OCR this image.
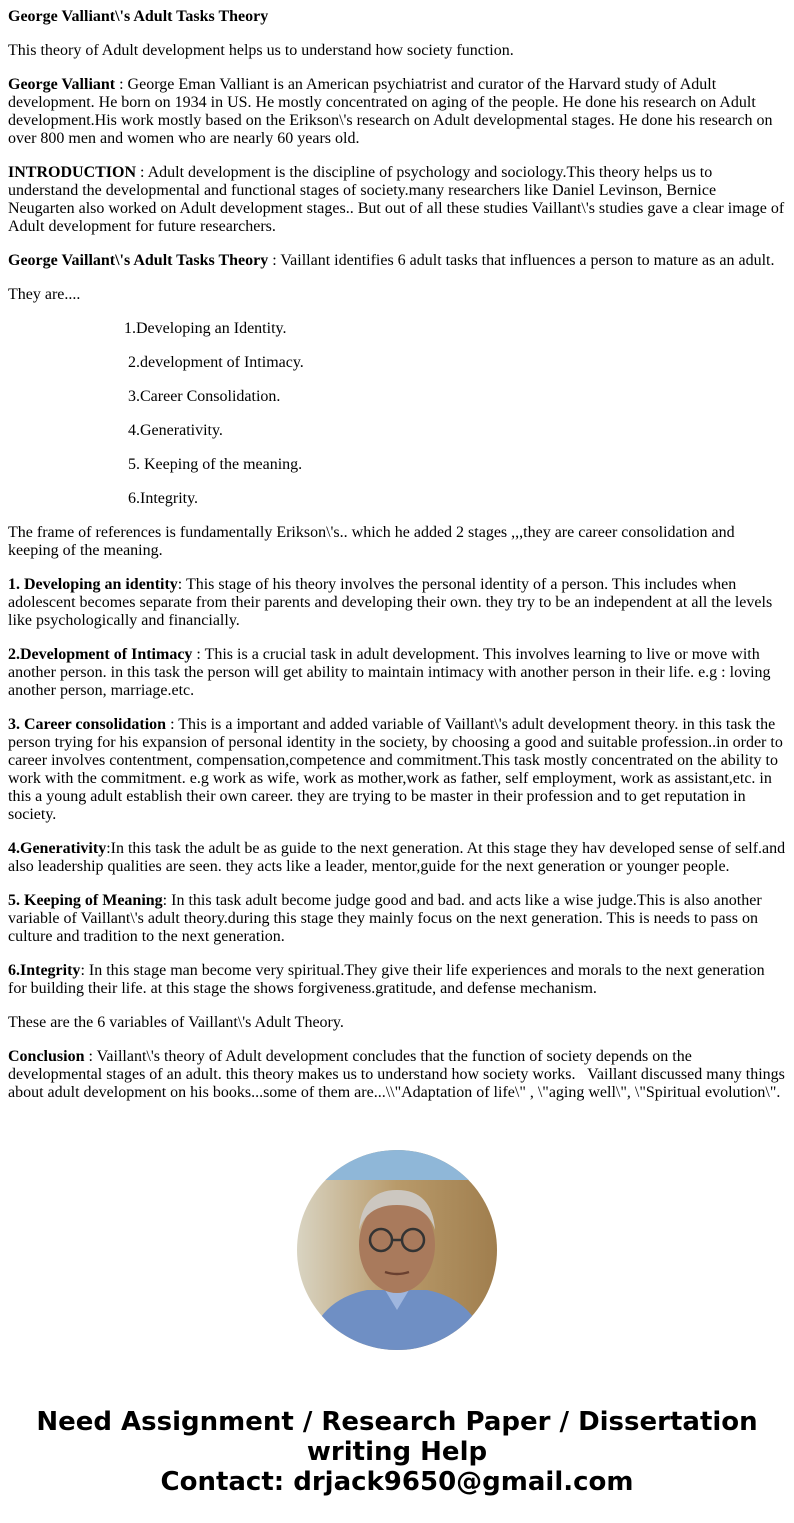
George Valliant\'s Adult Tasks Theory

This theory of Adult development helps us to understand how society function.

George Valliant : George Eman Valliant is an American psychiatrist and curator of the Harvard study of Adult development. He born on 1934 in US. He mostly concentrated on aging of the people. He done his research on Adult development.His work mostly based on the Erikson\'s research on Adult developmental stages. He done his research on over 800 men and women who are nearly 60 years old.

INTRODUCTION : Adult development is the discipline of psychology and sociology.This theory helps us to understand the developmental and functional stages of society.many researchers like Daniel Levinson, Bernice Neugarten also worked on Adult development stages.. But out of all these studies Vaillant\'s studies gave a clear image of Adult development for future researchers.

George Vaillant\'s Adult Tasks Theory : Vaillant identifies 6 adult tasks that influences a person to mature as an adult.

They are....

1.Developing an Identity.

2.development of Intimacy.

3.Career Consolidation.

4.Generativity.

5. Keeping of the meaning.

6.Integrity.

The frame of references is fundamentally Erikson\'s.. which he added 2 stages ,,,they are career consolidation and keeping of the meaning.

1. Developing an identity: This stage of his theory involves the personal identity of a person. This includes when adolescent becomes separate from their parents and developing their own. they try to be an independent at all the levels like psychologically and financially.

2.Development of Intimacy : This is a crucial task in adult development. This involves learning to live or move with another person. in this task the person will get ability to maintain intimacy with another person in their life. e.g : loving another person, marriage.etc.

3. Career consolidation : This is a important and added variable of Vaillant\'s adult development theory. in this task the person trying for his expansion of personal identity in the society, by choosing a good and suitable profession..in order to career involves contentment, compensation,competence and commitment.This task mostly concentrated on the ability to work with the commitment. e.g work as wife, work as mother,work as father, self employment, work as assistant,etc. in this a young adult establish their own career. they are trying to be master in their profession and to get reputation in society.

4.Generativity:In this task the adult be as guide to the next generation. At this stage they hav developed sense of self.and also leadership qualities are seen. they acts like a leader, mentor,guide for the next generation or younger people.

5. Keeping of Meaning: In this task adult become judge good and bad. and acts like a wise judge.This is also another variable of Vaillant\'s adult theory.during this stage they mainly focus on the next generation. This is needs to pass on culture and tradition to the next generation.

6.Integrity: In this stage man become very spiritual.They give their life experiences and morals to the next generation for building their life. at this stage the shows forgiveness.gratitude, and defense mechanism.

These are the 6 variables of Vaillant\'s Adult Theory.

Conclusion : Vaillant\'s theory of Adult development concludes that the function of society depends on the developmental stages of an adult. this theory makes us to understand how society works.   Vaillant discussed many things about adult development on his books...some of them are...\\"Adaptation of life\" , \"aging well\", \"Spiritual evolution\".

Need Assignment / Research Paper / Dissertation
writing Help
Contact: drjack9650@gmail.com
